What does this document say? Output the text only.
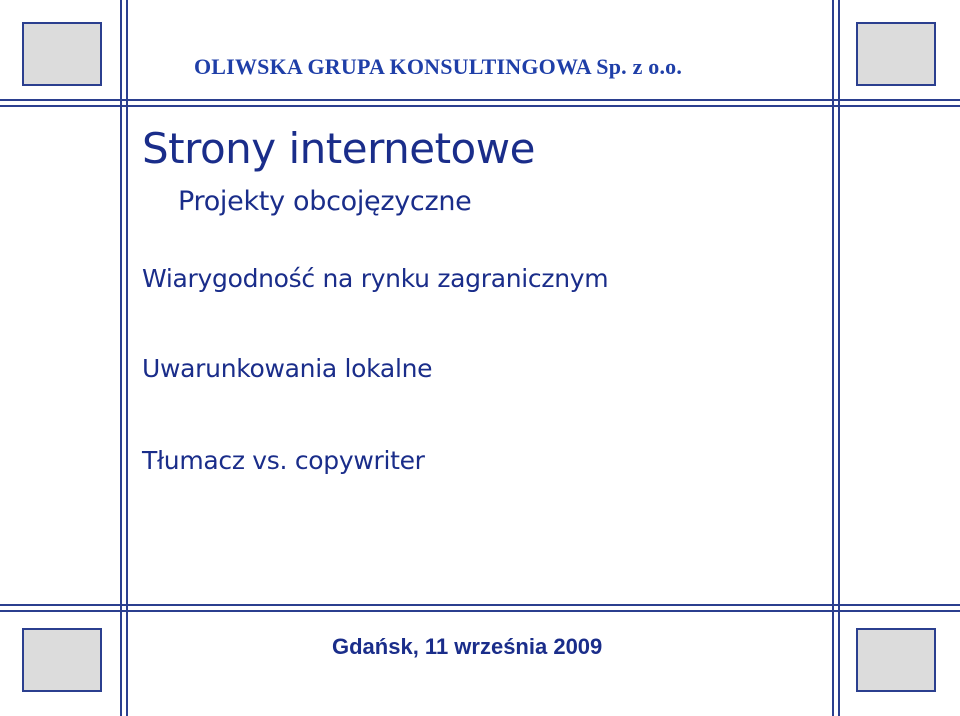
OLIWSKA GRUPA KONSULTINGOWA Sp. z o.o.
Strony internetowe
Projekty obcojęzyczne
Wiarygodność na rynku zagranicznym
Uwarunkowania lokalne
Tłumacz vs. copywriter
Gdańsk, 11 września 2009
